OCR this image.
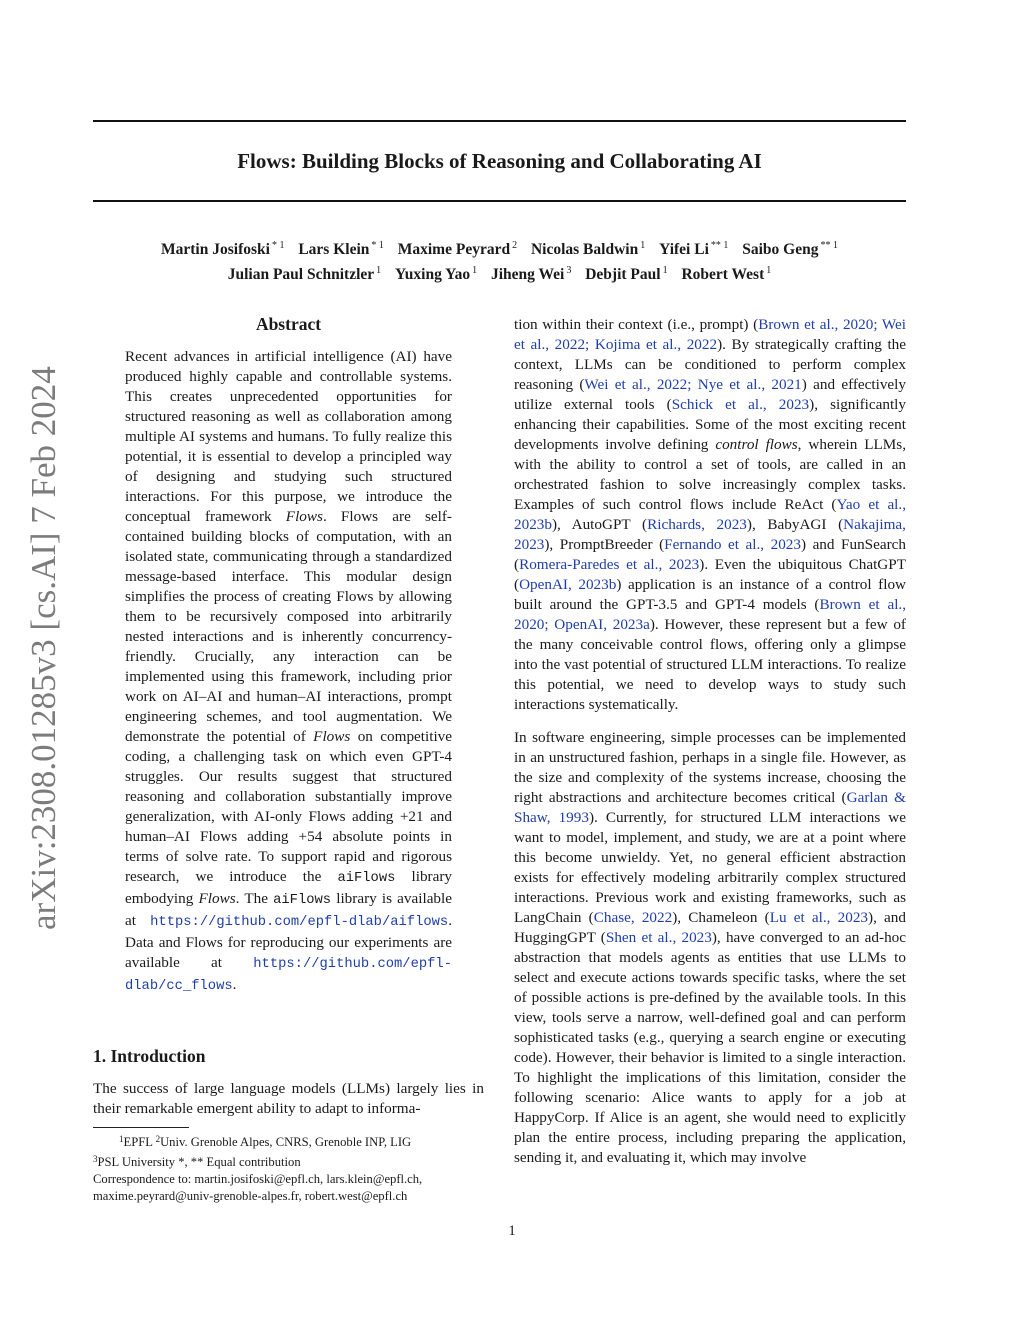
arXiv:2308.01285v3 [cs.AI] 7 Feb 2024
Flows: Building Blocks of Reasoning and Collaborating AI
Martin Josifoski $^{* 1}$ Lars Klein $^{* 1}$ Maxime Peyrard $^2$ Nicolas Baldwin $^1$ Yifei Li $^{** 1}$ Saibo Geng $^{** 1}$
Julian Paul Schnitzler $^1$ Yuxing Yao $^1$ Jiheng Wei $^3$ Debjit Paul $^1$ Robert West $^1$
Abstract

Recent advances in artificial intelligence (AI) have produced highly capable and controllable systems. This creates unprecedented opportunities for structured reasoning as well as collaboration among multiple AI systems and humans. To fully realize this potential, it is essential to develop a principled way of designing and studying such structured interactions. For this purpose, we introduce the conceptual framework Flows. Flows are self-contained building blocks of computation, with an isolated state, communicating through a standardized message-based interface. This modular design simplifies the process of creating Flows by allowing them to be recursively composed into arbitrarily nested interactions and is inherently concurrency-friendly. Crucially, any interaction can be implemented using this framework, including prior work on AI–AI and human–AI interactions, prompt engineering schemes, and tool augmentation. We demonstrate the potential of Flows on competitive coding, a challenging task on which even GPT-4 struggles. Our results suggest that structured reasoning and collaboration substantially improve generalization, with AI-only Flows adding +21 and human–AI Flows adding +54 absolute points in terms of solve rate. To support rapid and rigorous research, we introduce the aiFlows library embodying Flows. The aiFlows library is available at https://github.com/epfl-dlab/aiflows. Data and Flows for reproducing our experiments are available at https://github.com/epfl-dlab/cc_flows.

1. Introduction

The success of large language models (LLMs) largely lies in their remarkable emergent ability to adapt to informa-

$^1$EPFL $^2$Univ. Grenoble Alpes, CNRS, Grenoble INP, LIG
$^3$PSL University *, ** Equal contribution
Correspondence to: martin.josifoski@epfl.ch, lars.klein@epfl.ch, maxime.peyrard@univ-grenoble-alpes.fr, robert.west@epfl.ch

tion within their context (i.e., prompt) (Brown et al., 2020; Wei et al., 2022; Kojima et al., 2022). By strategically crafting the context, LLMs can be conditioned to perform complex reasoning (Wei et al., 2022; Nye et al., 2021) and effectively utilize external tools (Schick et al., 2023), significantly enhancing their capabilities. Some of the most exciting recent developments involve defining control flows, wherein LLMs, with the ability to control a set of tools, are called in an orchestrated fashion to solve increasingly complex tasks. Examples of such control flows include ReAct (Yao et al., 2023b), AutoGPT (Richards, 2023), BabyAGI (Nakajima, 2023), PromptBreeder (Fernando et al., 2023) and FunSearch (Romera-Paredes et al., 2023). Even the ubiquitous ChatGPT (OpenAI, 2023b) application is an instance of a control flow built around the GPT-3.5 and GPT-4 models (Brown et al., 2020; OpenAI, 2023a). However, these represent but a few of the many conceivable control flows, offering only a glimpse into the vast potential of structured LLM interactions. To realize this potential, we need to develop ways to study such interactions systematically.

In software engineering, simple processes can be implemented in an unstructured fashion, perhaps in a single file. However, as the size and complexity of the systems increase, choosing the right abstractions and architecture becomes critical (Garlan & Shaw, 1993). Currently, for structured LLM interactions we want to model, implement, and study, we are at a point where this become unwieldy. Yet, no general efficient abstraction exists for effectively modeling arbitrarily complex structured interactions. Previous work and existing frameworks, such as LangChain (Chase, 2022), Chameleon (Lu et al., 2023), and HuggingGPT (Shen et al., 2023), have converged to an ad-hoc abstraction that models agents as entities that use LLMs to select and execute actions towards specific tasks, where the set of possible actions is pre-defined by the available tools. In this view, tools serve a narrow, well-defined goal and can perform sophisticated tasks (e.g., querying a search engine or executing code). However, their behavior is limited to a single interaction. To highlight the implications of this limitation, consider the following scenario: Alice wants to apply for a job at HappyCorp. If Alice is an agent, she would need to explicitly plan the entire process, including preparing the application, sending it, and evaluating it, which may involve

1
